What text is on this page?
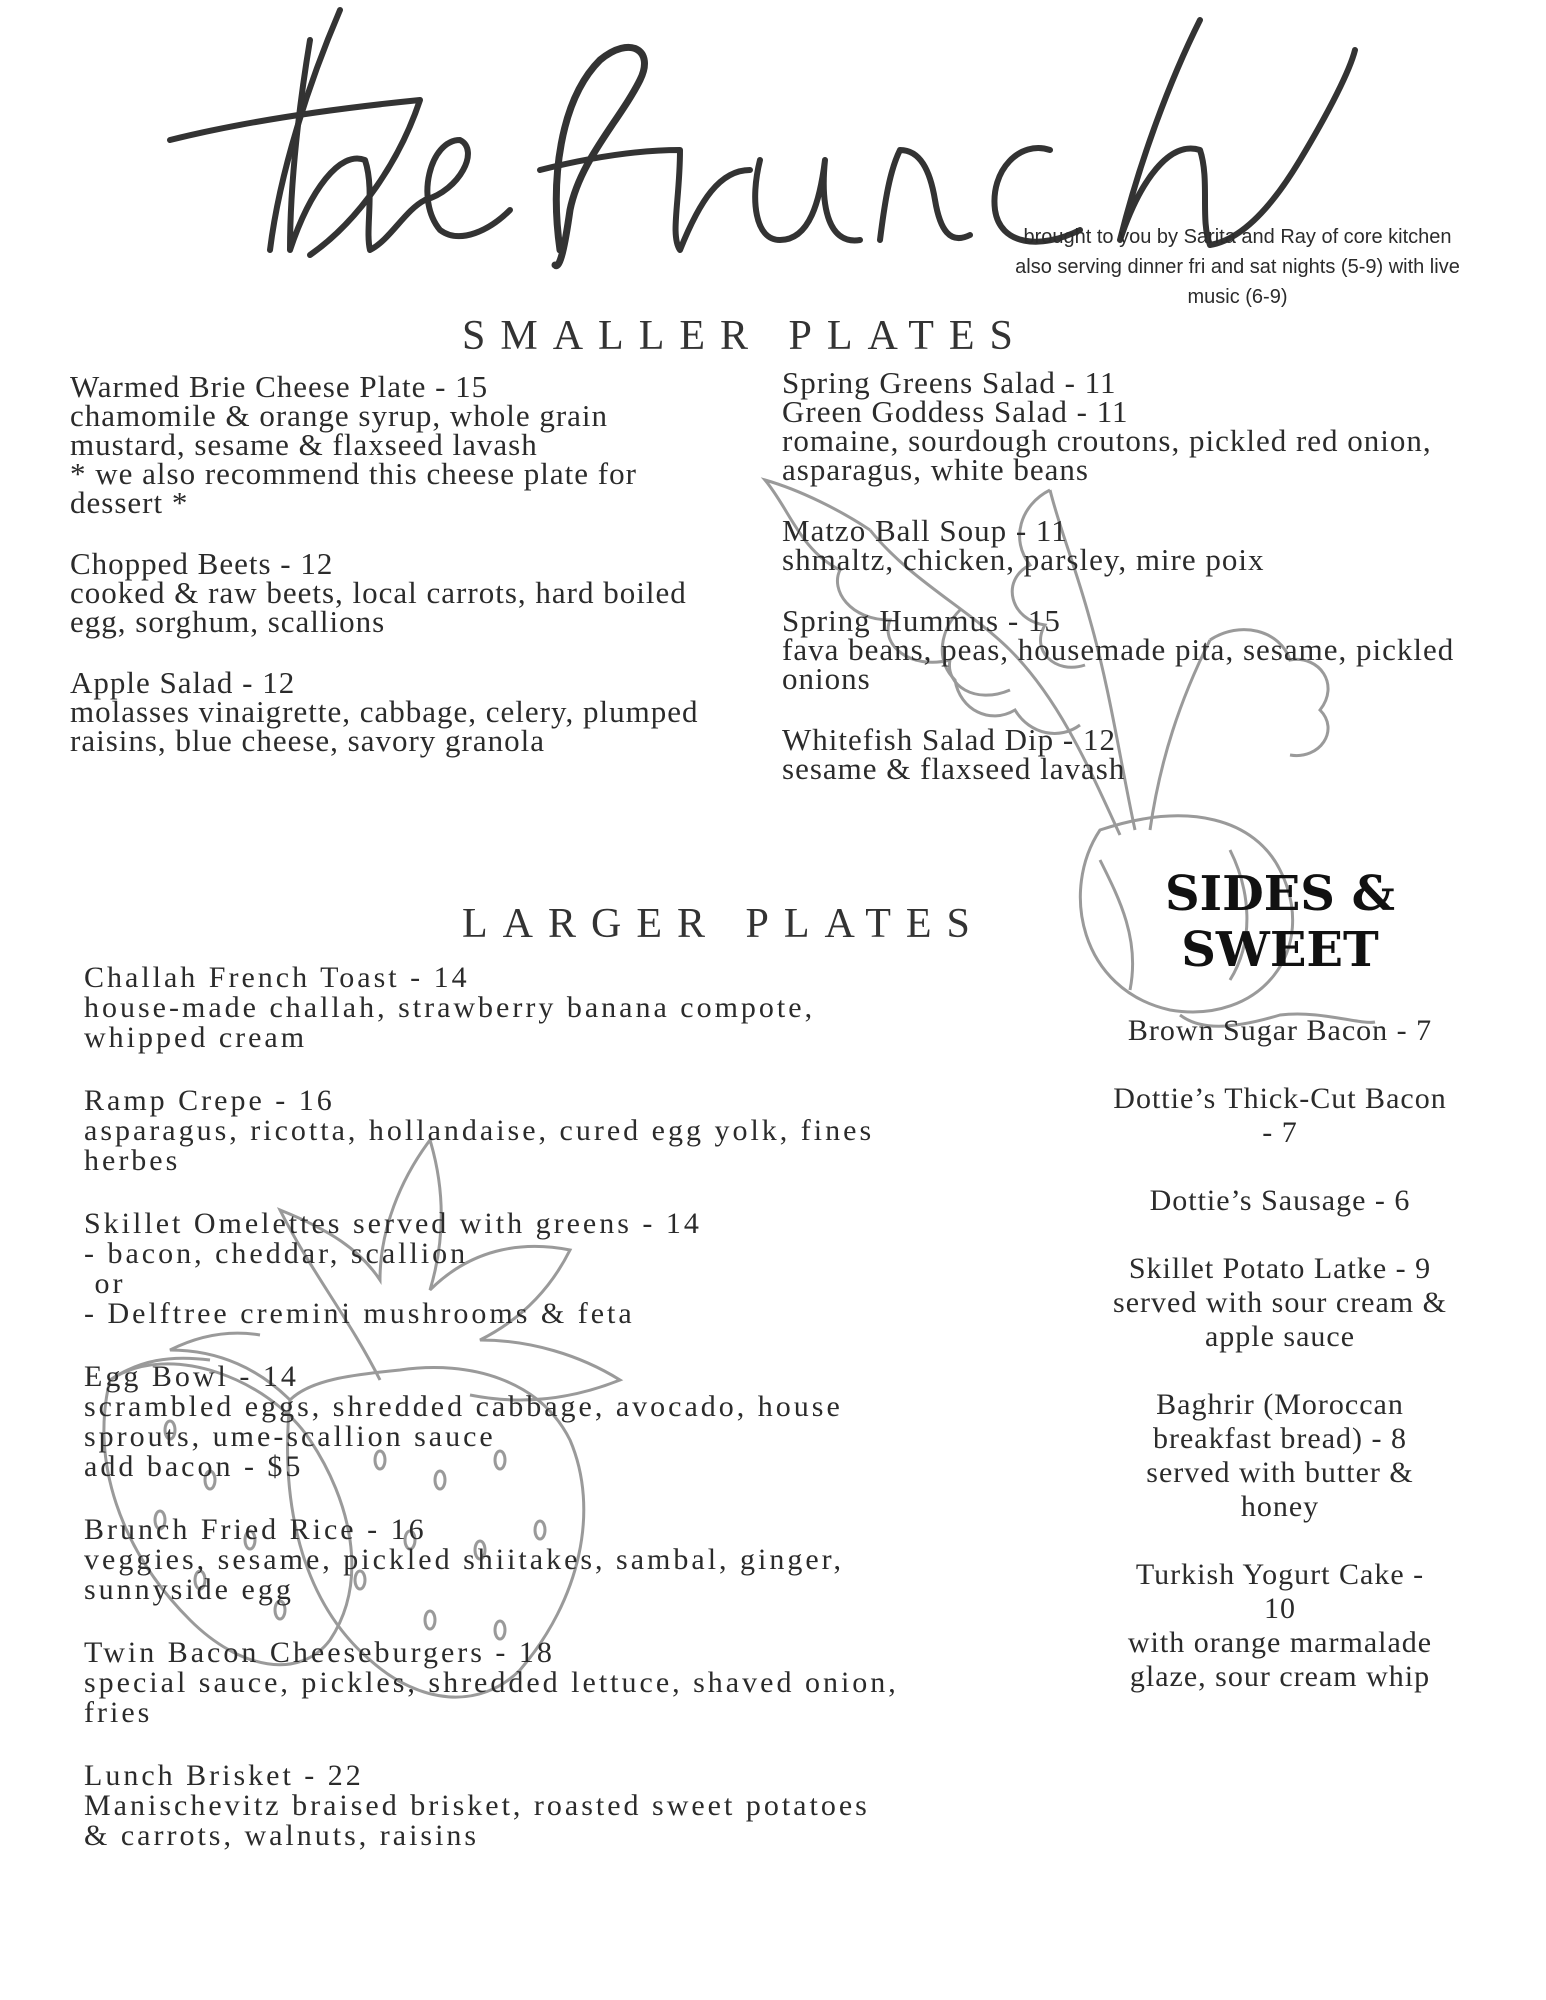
brought to you by Sarita and Ray of core kitchen
also serving dinner fri and sat nights (5-9) with live
music (6-9)
SMALLER PLATES
Warmed Brie Cheese Plate - 15
chamomile & orange syrup, whole grain
mustard, sesame & flaxseed lavash
* we also recommend this cheese plate for
dessert *
Chopped Beets - 12
cooked & raw beets, local carrots, hard boiled
egg, sorghum, scallions
Apple Salad - 12
molasses vinaigrette, cabbage, celery, plumped
raisins, blue cheese, savory granola
Spring Greens Salad - 11
Green Goddess Salad - 11
romaine, sourdough croutons, pickled red onion,
asparagus, white beans
Matzo Ball Soup - 11
shmaltz, chicken, parsley, mire poix
Spring Hummus - 15
fava beans, peas, housemade pita, sesame, pickled
onions
Whitefish Salad Dip - 12
sesame & flaxseed lavash
LARGER PLATES
Challah French Toast - 14
house-made challah, strawberry banana compote,
whipped cream
Ramp Crepe - 16
asparagus, ricotta, hollandaise, cured egg yolk, fines
herbes
Skillet Omelettes served with greens - 14
- bacon, cheddar, scallion
or
- Delftree cremini mushrooms & feta
Egg Bowl - 14
scrambled eggs, shredded cabbage, avocado, house
sprouts, ume-scallion sauce
add bacon - $5
Brunch Fried Rice - 16
veggies, sesame, pickled shiitakes, sambal, ginger,
sunnyside egg
Twin Bacon Cheeseburgers - 18
special sauce, pickles, shredded lettuce, shaved onion,
fries
Lunch Brisket - 22
Manischevitz braised brisket, roasted sweet potatoes
& carrots, walnuts, raisins
SIDES &
SWEET
Brown Sugar Bacon - 7
Dottie’s Thick-Cut Bacon
- 7
Dottie’s Sausage - 6
Skillet Potato Latke - 9
served with sour cream &
apple sauce
Baghrir (Moroccan
breakfast bread) - 8
served with butter &
honey
Turkish Yogurt Cake -
10
with orange marmalade
glaze, sour cream whip
